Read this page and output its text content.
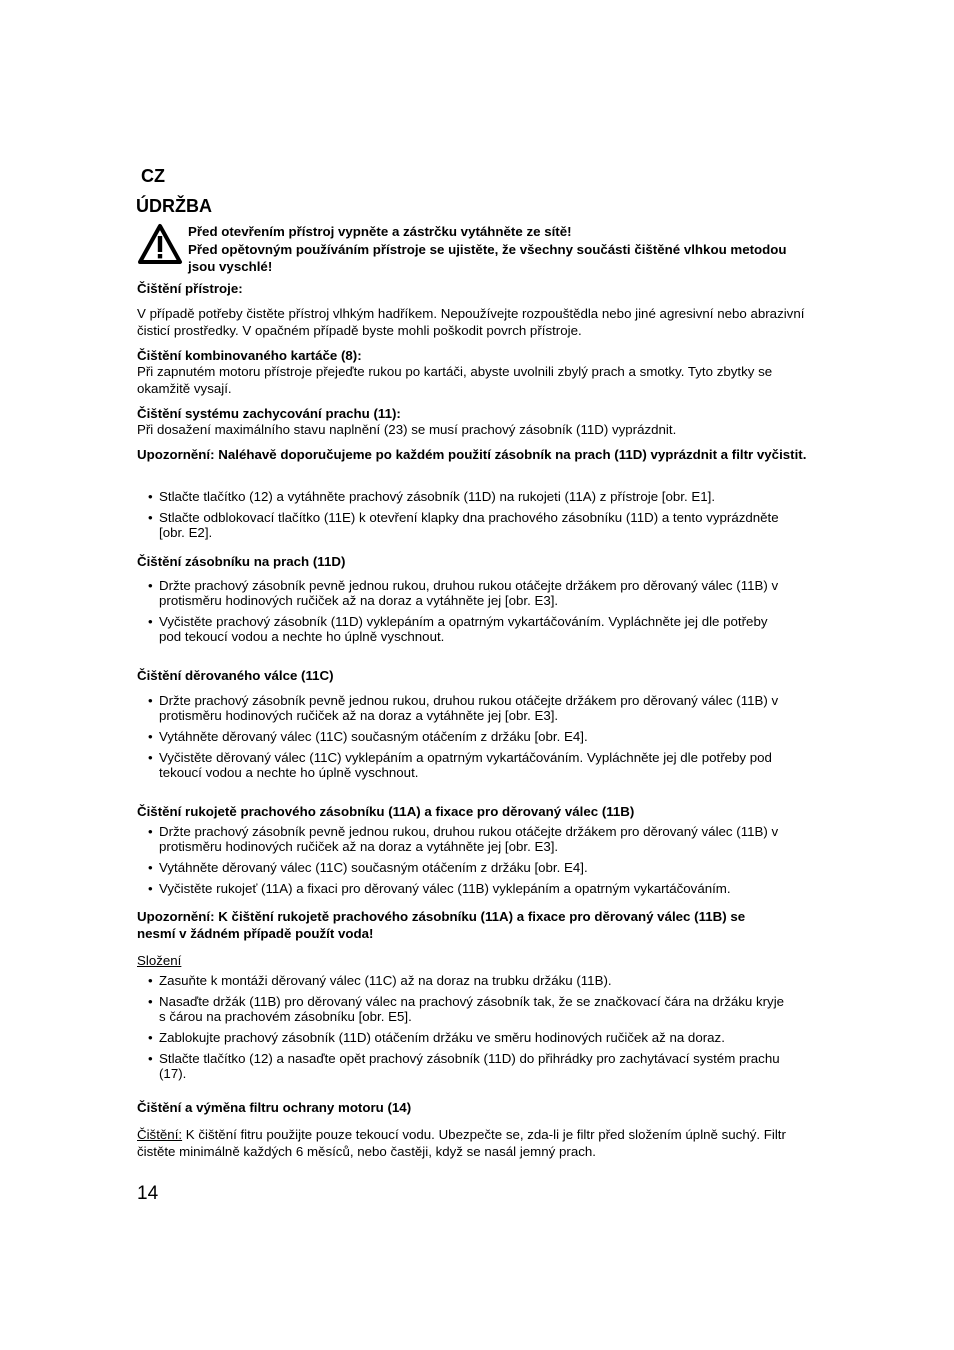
CZ
ÚDRŽBA
Před otevřením přístroj vypněte a zástrčku vytáhněte ze sítě!
Před opětovným používáním přístroje se ujistěte, že všechny součásti čištěné vlhkou metodou jsou vyschlé!
Čištění přístroje:
V případě potřeby čistěte přístroj vlhkým hadříkem. Nepoužívejte rozpouštědla nebo jiné agresivní nebo abrazivní čisticí prostředky. V opačném případě byste mohli poškodit povrch přístroje.
Čištění kombinovaného kartáče (8):
Při zapnutém motoru přístroje přejeďte rukou po kartáči, abyste uvolnili zbylý prach a smotky. Tyto zbytky se okamžitě vysají.
Čištění systému zachycování prachu (11):
Při dosažení maximálního stavu naplnění (23) se musí prachový zásobník (11D) vyprázdnit.
Upozornění: Naléhavě doporučujeme po každém použití zásobník na prach (11D) vyprázdnit a filtr vyčistit.
• Stlačte tlačítko (12) a vytáhněte prachový zásobník (11D) na rukojeti (11A) z přístroje [obr. E1].
• Stlačte odblokovací tlačítko (11E) k otevření klapky dna prachového zásobníku (11D) a tento vyprázdněte [obr. E2].
Čištění zásobníku na prach (11D)
• Držte prachový zásobník pevně jednou rukou, druhou rukou otáčejte držákem pro děrovaný válec (11B) v protisměru hodinových ručiček až na doraz a vytáhněte jej [obr. E3].
• Vyčistěte prachový zásobník (11D) vyklepáním a opatrným vykartáčováním. Vypláchněte jej dle potřeby pod tekoucí vodou a nechte ho úplně vyschnout.
Čištění děrovaného válce (11C)
• Držte prachový zásobník pevně jednou rukou, druhou rukou otáčejte držákem pro děrovaný válec (11B) v protisměru hodinových ručiček až na doraz a vytáhněte jej [obr. E3].
• Vytáhněte děrovaný válec (11C) současným otáčením z držáku [obr. E4].
• Vyčistěte děrovaný válec (11C) vyklepáním a opatrným vykartáčováním. Vypláchněte jej dle potřeby pod tekoucí vodou a nechte ho úplně vyschnout.
Čištění rukojetě prachového zásobníku (11A) a fixace pro děrovaný válec (11B)
• Držte prachový zásobník pevně jednou rukou, druhou rukou otáčejte držákem pro děrovaný válec (11B) v protisměru hodinových ručiček až na doraz a vytáhněte jej [obr. E3].
• Vytáhněte děrovaný válec (11C) současným otáčením z držáku [obr. E4].
• Vyčistěte rukojeť (11A) a fixaci pro děrovaný válec (11B) vyklepáním a opatrným vykartáčováním.
Upozornění: K čištění rukojetě prachového zásobníku (11A) a fixace pro děrovaný válec (11B) se nesmí v žádném případě použít voda!
Složení
• Zasuňte k montáži děrovaný válec (11C) až na doraz na trubku držáku (11B).
• Nasaďte držák (11B) pro děrovaný válec na prachový zásobník tak, že se značkovací čára na držáku kryje s čárou na prachovém zásobníku [obr. E5].
• Zablokujte prachový zásobník (11D) otáčením držáku ve směru hodinových ručiček až na doraz.
• Stlačte tlačítko (12) a nasaďte opět prachový zásobník (11D) do přihrádky pro zachytávací systém prachu (17).
Čištění a výměna filtru ochrany motoru (14)
Čištění: K čištění fitru použijte pouze tekoucí vodu. Ubezpečte se, zda-li je filtr před složením úplně suchý. Filtr čistěte minimálně každých 6 měsíců, nebo častěji, když se nasál jemný prach.
14
